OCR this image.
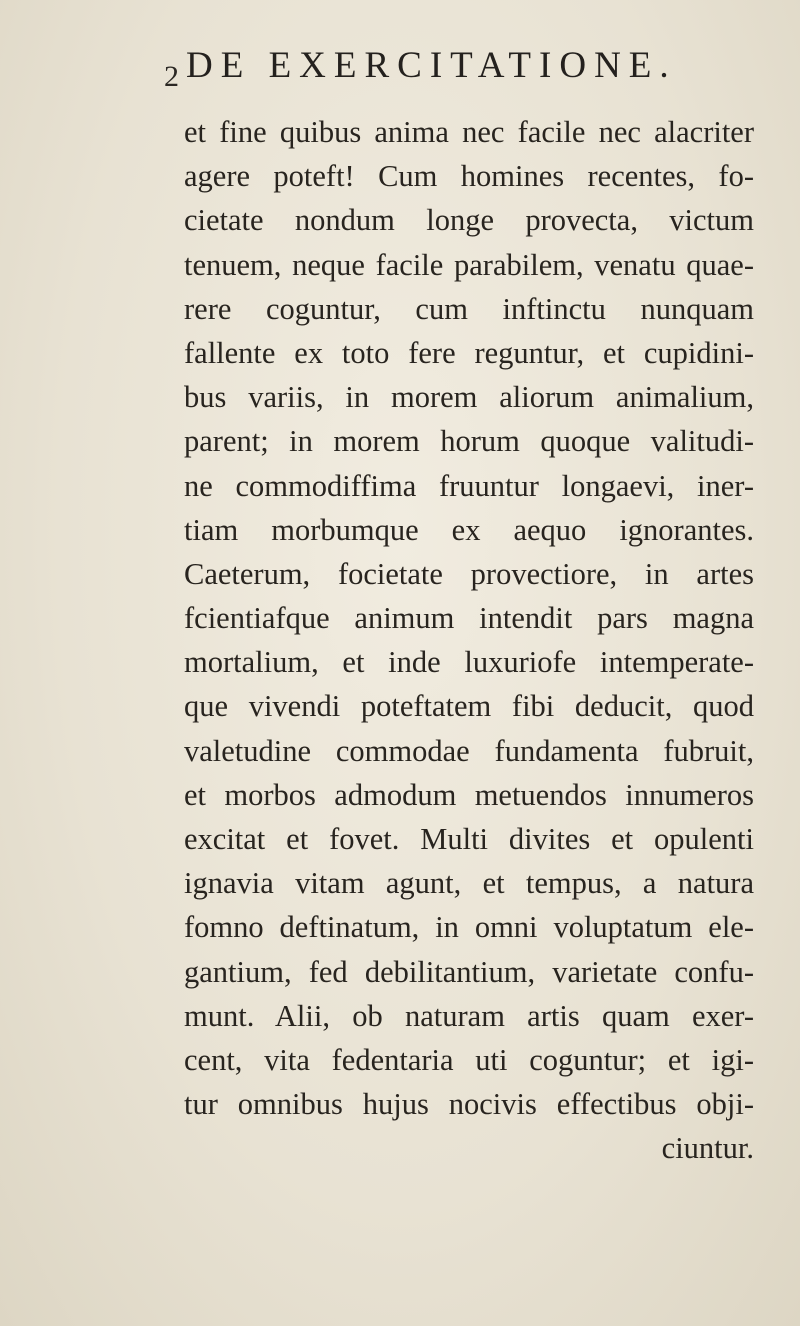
2 DE EXERCITATIONE.
et fine quibus anima nec facile nec alacriter
agere poteft! Cum homines recentes, fo-
cietate nondum longe provecta, victum
tenuem, neque facile parabilem, venatu quae-
rere coguntur, cum inftinctu nunquam
fallente ex toto fere reguntur, et cupidini-
bus variis, in morem aliorum animalium,
parent; in morem horum quoque valitudi-
ne commodiffima fruuntur longaevi, iner-
tiam morbumque ex aequo ignorantes.
Caeterum, focietate provectiore, in artes
fcientiafque animum intendit pars magna
mortalium, et inde luxuriofe intemperate-
que vivendi poteftatem fibi deducit, quod
valetudine commodae fundamenta fubruit,
et morbos admodum metuendos innumeros
excitat et fovet. Multi divites et opulenti
ignavia vitam agunt, et tempus, a natura
fomno deftinatum, in omni voluptatum ele-
gantium, fed debilitantium, varietate confu-
munt. Alii, ob naturam artis quam exer-
cent, vita fedentaria uti coguntur; et igi-
tur omnibus hujus nocivis effectibus obji-
ciuntur.
